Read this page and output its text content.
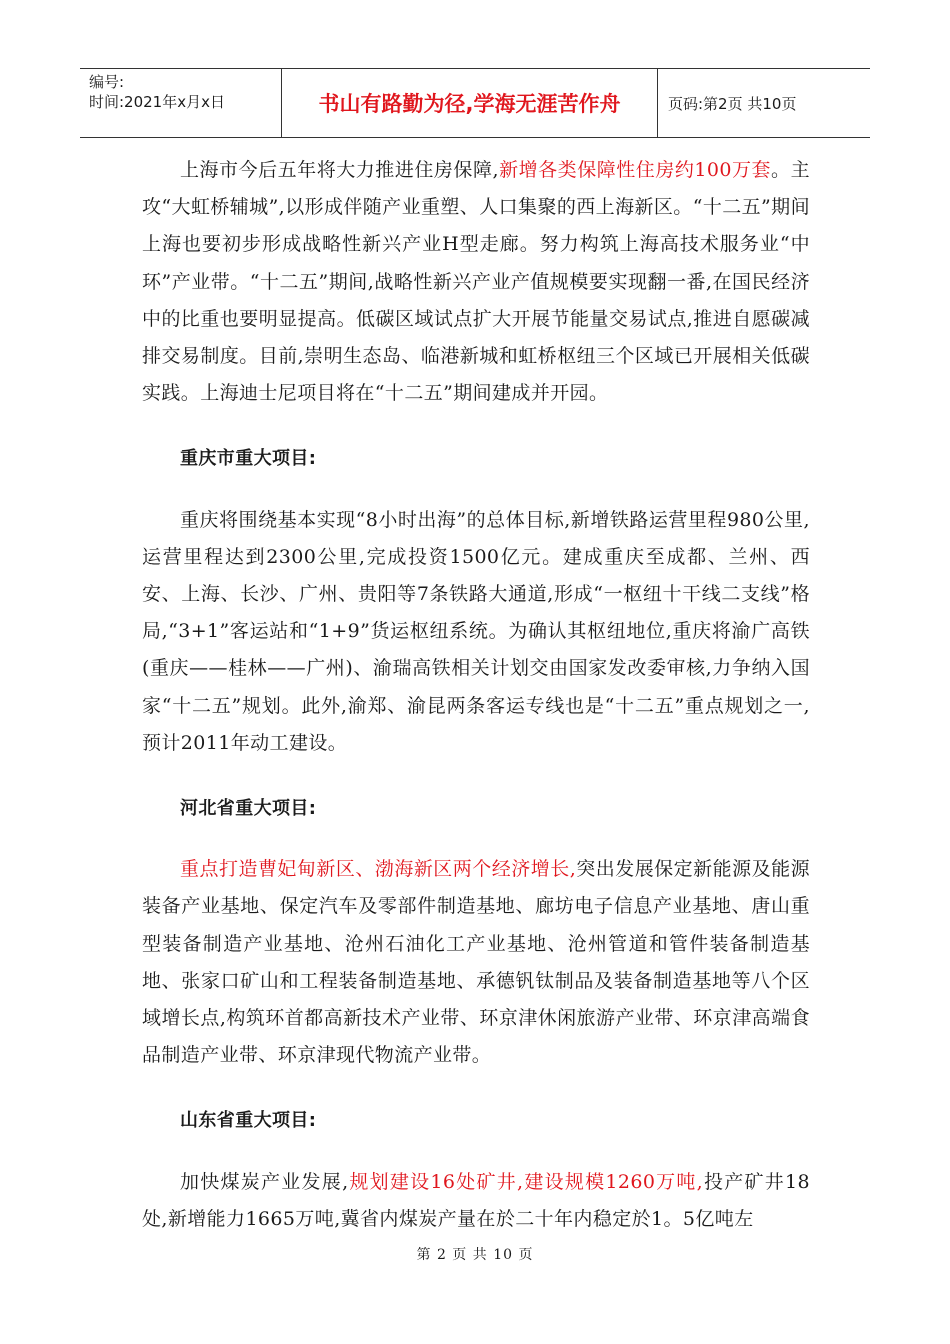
编号:
时间:2021年x月x日	书山有路勤为径,学海无涯苦作舟	页码:第2页 共10页

上海市今后五年将大力推进住房保障,新增各类保障性住房约100万套。主攻“大虹桥辅城”,以形成伴随产业重塑、人口集聚的西上海新区。“十二五”期间上海也要初步形成战略性新兴产业H型走廊。努力构筑上海高技术服务业“中环”产业带。“十二五”期间,战略性新兴产业产值规模要实现翻一番,在国民经济中的比重也要明显提高。低碳区域试点扩大开展节能量交易试点,推进自愿碳减排交易制度。目前,崇明生态岛、临港新城和虹桥枢纽三个区域已开展相关低碳实践。上海迪士尼项目将在“十二五”期间建成并开园。

重庆市重大项目:

重庆将围绕基本实现“8小时出海”的总体目标,新增铁路运营里程980公里,运营里程达到2300公里,完成投资1500亿元。建成重庆至成都、兰州、西安、上海、长沙、广州、贵阳等7条铁路大通道,形成“一枢纽十干线二支线”格局,“3+1”客运站和“1+9”货运枢纽系统。为确认其枢纽地位,重庆将渝广高铁(重庆——桂林——广州)、渝瑞高铁相关计划交由国家发改委审核,力争纳入国家“十二五”规划。此外,渝郑、渝昆两条客运专线也是“十二五”重点规划之一,预计2011年动工建设。

河北省重大项目:

重点打造曹妃甸新区、渤海新区两个经济增长,突出发展保定新能源及能源装备产业基地、保定汽车及零部件制造基地、廊坊电子信息产业基地、唐山重型装备制造产业基地、沧州石油化工产业基地、沧州管道和管件装备制造基地、张家口矿山和工程装备制造基地、承德钒钛制品及装备制造基地等八个区域增长点,构筑环首都高新技术产业带、环京津休闲旅游产业带、环京津高端食品制造产业带、环京津现代物流产业带。

山东省重大项目:

加快煤炭产业发展,规划建设16处矿井,建设规模1260万吨,投产矿井18处,新增能力1665万吨,冀省内煤炭产量在於二十年内稳定於1。5亿吨左

第 2 页 共 10 页
